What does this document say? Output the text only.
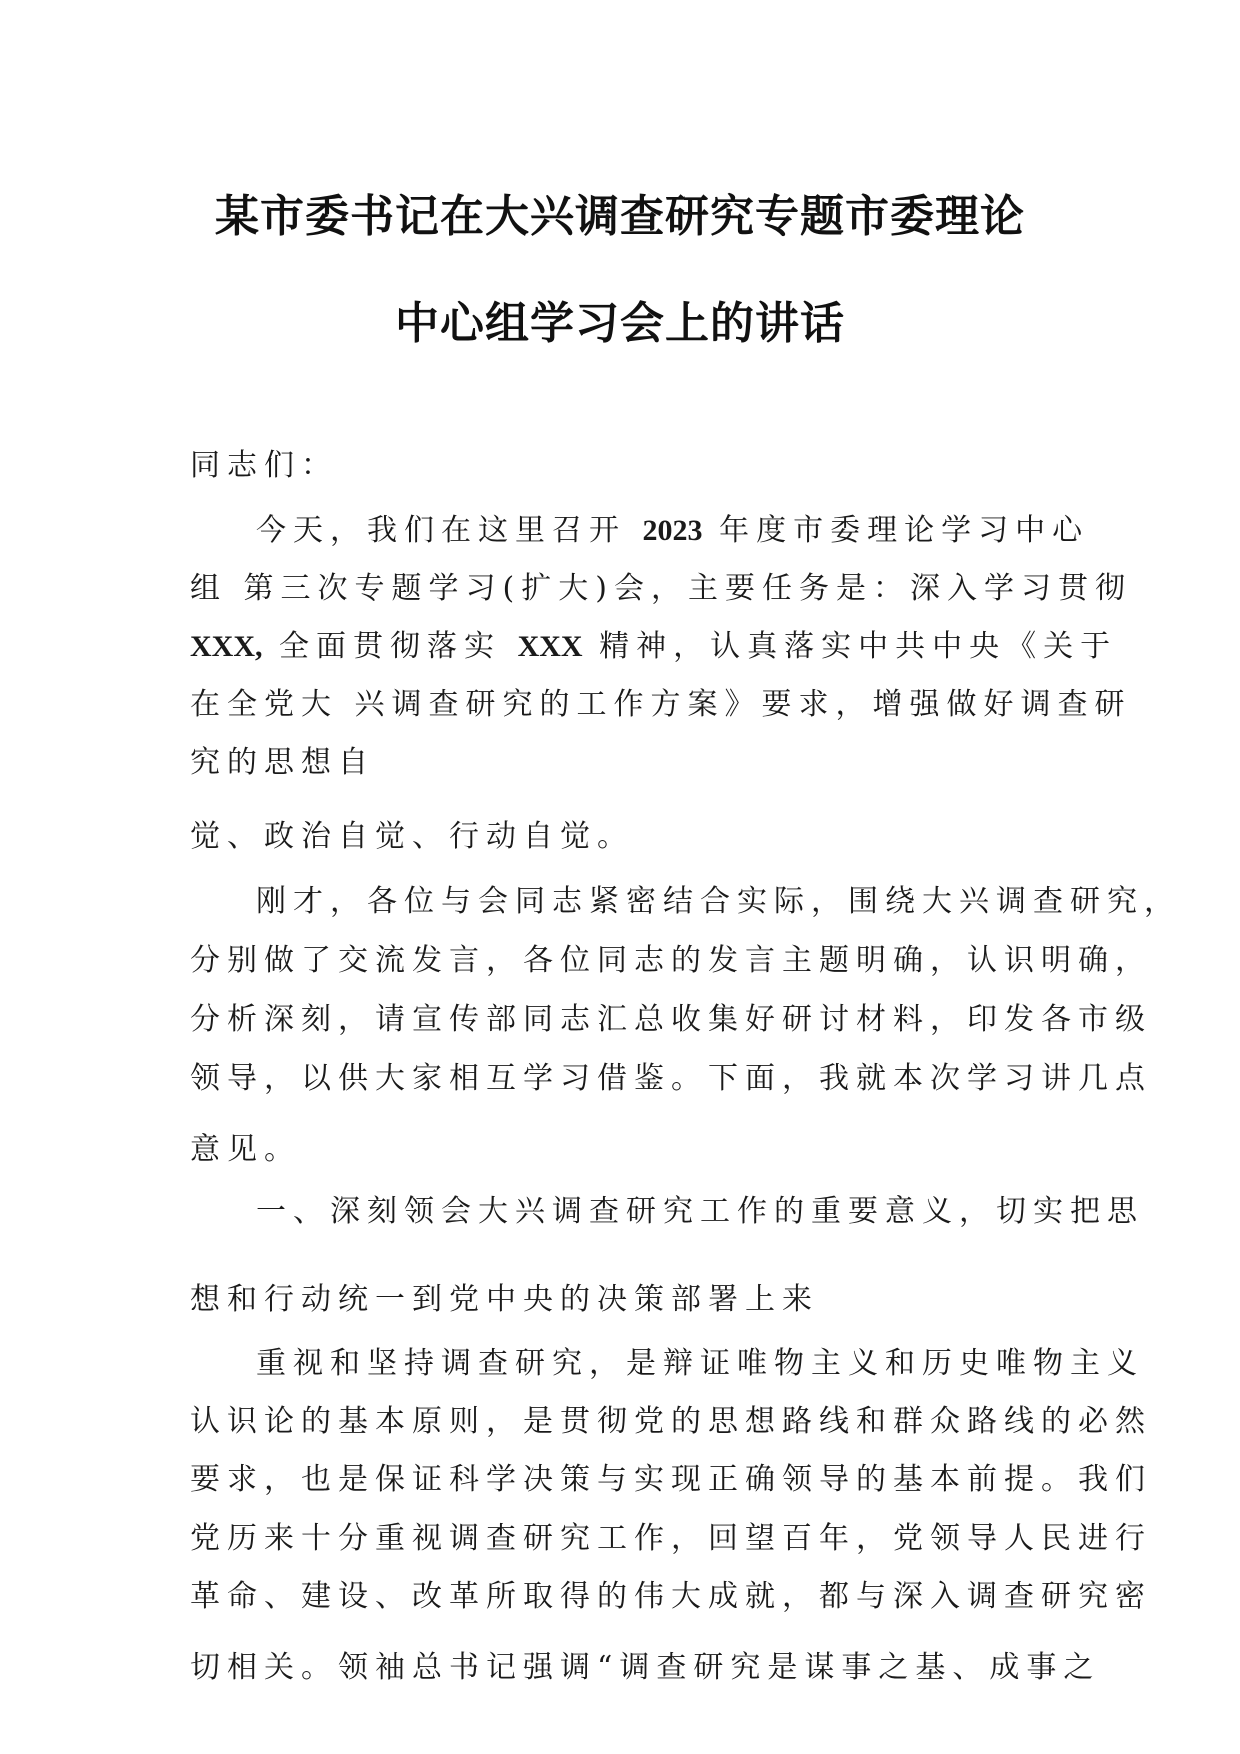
某市委书记在大兴调查研究专题市委理论
中心组学习会上的讲话
同志们：
今天，我们在这里召开 2023 年度市委理论学习中心
组 第三次专题学习(扩大)会，主要任务是：深入学习贯彻
XXX, 全面贯彻落实 XXX 精神，认真落实中共中央《关于
在全党大 兴调查研究的工作方案》要求，增强做好调查研
究的思想自
觉、政治自觉、行动自觉。
刚才，各位与会同志紧密结合实际，围绕大兴调查研究，
分别做了交流发言，各位同志的发言主题明确，认识明确，
分析深刻，请宣传部同志汇总收集好研讨材料，印发各市级
领导，以供大家相互学习借鉴。下面，我就本次学习讲几点
意见。
一、深刻领会大兴调查研究工作的重要意义，切实把思
想和行动统一到党中央的决策部署上来
重视和坚持调查研究，是辩证唯物主义和历史唯物主义
认识论的基本原则，是贯彻党的思想路线和群众路线的必然
要求，也是保证科学决策与实现正确领导的基本前提。我们
党历来十分重视调查研究工作，回望百年，党领导人民进行
革命、建设、改革所取得的伟大成就，都与深入调查研究密
切相关。领袖总书记强调“调查研究是谋事之基、成事之
